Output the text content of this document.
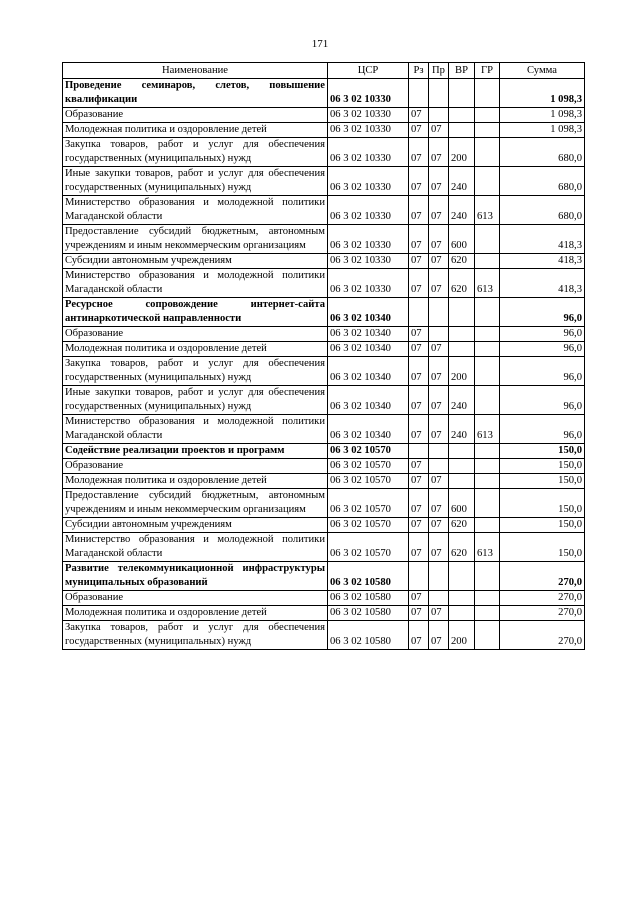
171
Наименование	ЦСР	Рз	Пр	ВР	ГР	Сумма
Проведение семинаров, слетов, повышение квалификации	06 3 02 10330					1 098,3
Образование	06 3 02 10330	07				1 098,3
Молодежная политика и оздоровление детей	06 3 02 10330	07	07			1 098,3
Закупка товаров, работ и услуг для обеспечения государственных (муниципальных) нужд	06 3 02 10330	07	07	200		680,0
Иные закупки товаров, работ и услуг для обеспечения государственных (муниципальных) нужд	06 3 02 10330	07	07	240		680,0
Министерство образования и молодежной политики Магаданской области	06 3 02 10330	07	07	240	613	680,0
Предоставление субсидий бюджетным, автономным учреждениям и иным некоммерческим организациям	06 3 02 10330	07	07	600		418,3
Субсидии автономным учреждениям	06 3 02 10330	07	07	620		418,3
Министерство образования и молодежной политики Магаданской области	06 3 02 10330	07	07	620	613	418,3
Ресурсное сопровождение интернет-сайта антинаркотической направленности	06 3 02 10340					96,0
Образование	06 3 02 10340	07				96,0
Молодежная политика и оздоровление детей	06 3 02 10340	07	07			96,0
Закупка товаров, работ и услуг для обеспечения государственных (муниципальных) нужд	06 3 02 10340	07	07	200		96,0
Иные закупки товаров, работ и услуг для обеспечения государственных (муниципальных) нужд	06 3 02 10340	07	07	240		96,0
Министерство образования и молодежной политики Магаданской области	06 3 02 10340	07	07	240	613	96,0
Содействие реализации проектов и программ	06 3 02 10570					150,0
Образование	06 3 02 10570	07				150,0
Молодежная политика и оздоровление детей	06 3 02 10570	07	07			150,0
Предоставление субсидий бюджетным, автономным учреждениям и иным некоммерческим организациям	06 3 02 10570	07	07	600		150,0
Субсидии автономным учреждениям	06 3 02 10570	07	07	620		150,0
Министерство образования и молодежной политики Магаданской области	06 3 02 10570	07	07	620	613	150,0
Развитие телекоммуникационной инфраструктуры муниципальных образований	06 3 02 10580					270,0
Образование	06 3 02 10580	07				270,0
Молодежная политика и оздоровление детей	06 3 02 10580	07	07			270,0
Закупка товаров, работ и услуг для обеспечения государственных (муниципальных) нужд	06 3 02 10580	07	07	200		270,0
